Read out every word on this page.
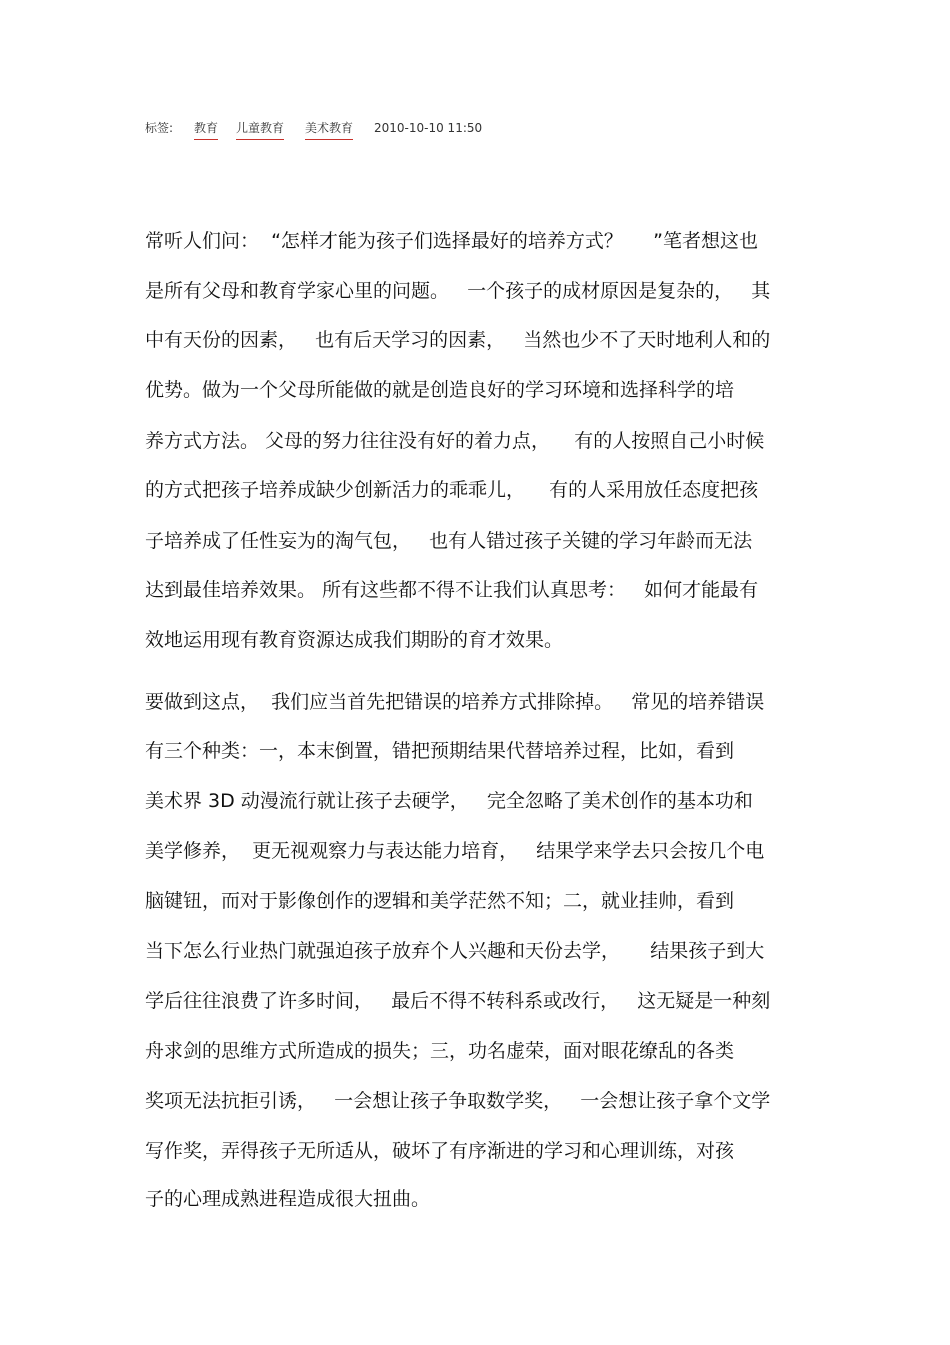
标签: 教育 儿童教育 美术教育 2010-10-10 11:50
常听人们问：  “怎样才能为孩子们选择最好的培养方式？     ”笔者想这也
是所有父母和教育学家心里的问题。   一个孩子的成材原因是复杂的，   其
中有天份的因素，   也有后天学习的因素，   当然也少不了天时地利人和的
优势。做为一个父母所能做的就是创造良好的学习环境和选择科学的培
养方式方法。 父母的努力往往没有好的着力点，    有的人按照自己小时候
的方式把孩子培养成缺少创新活力的乖乖儿，    有的人采用放任态度把孩
子培养成了任性妄为的淘气包，   也有人错过孩子关键的学习年龄而无法
达到最佳培养效果。 所有这些都不得不让我们认真思考：   如何才能最有
效地运用现有教育资源达成我们期盼的育才效果。
要做到这点，  我们应当首先把错误的培养方式排除掉。   常见的培养错误
有三个种类：一，本末倒置，错把预期结果代替培养过程，比如，看到
美术界 3D 动漫流行就让孩子去硬学，   完全忽略了美术创作的基本功和
美学修养，  更无视观察力与表达能力培育，   结果学来学去只会按几个电
脑键钮，而对于影像创作的逻辑和美学茫然不知；二，就业挂帅，看到
当下怎么行业热门就强迫孩子放弃个人兴趣和天份去学，     结果孩子到大
学后往往浪费了许多时间，   最后不得不转科系或改行，   这无疑是一种刻
舟求剑的思维方式所造成的损失；三，功名虚荣，面对眼花缭乱的各类
奖项无法抗拒引诱，   一会想让孩子争取数学奖，   一会想让孩子拿个文学
写作奖，弄得孩子无所适从，破坏了有序渐进的学习和心理训练，对孩
子的心理成熟进程造成很大扭曲。
